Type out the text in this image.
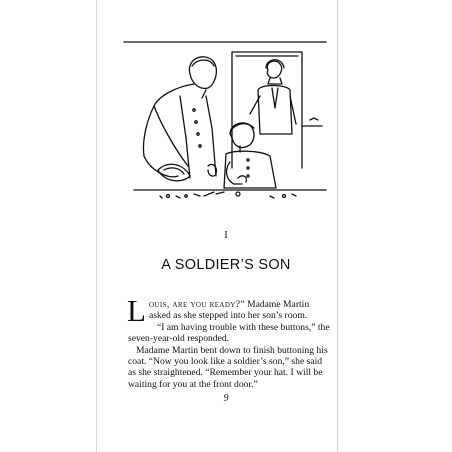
I
A SOLDIER’S SON

Louis, are you ready?” Madame Martin asked as she stepped into her son’s room.

“I am having trouble with these buttons,” the seven-year-old responded.

Madame Martin bent down to finish buttoning his coat. “Now you look like a soldier’s son,” she said as she straightened. “Remember your hat. I will be waiting for you at the front door.”

9
